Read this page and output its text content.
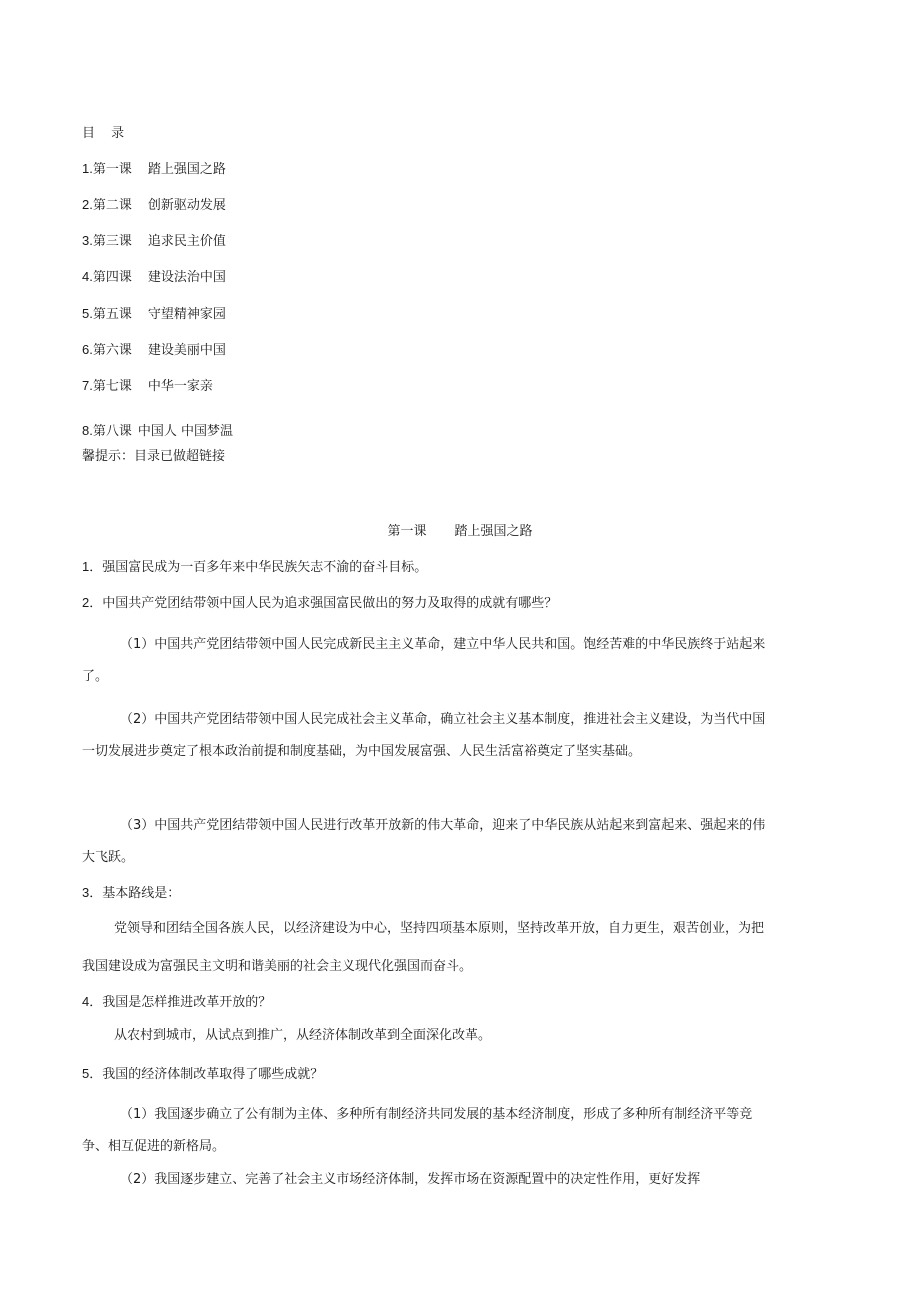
目 录
1.第一课 踏上强国之路
2.第二课 创新驱动发展
3.第三课 追求民主价值
4.第四课 建设法治中国
5.第五课 守望精神家园
6.第六课 建设美丽中国
7.第七课 中华一家亲
8.第八课 中国人 中国梦温
馨提示：目录已做超链接
第一课 踏上强国之路
1．强国富民成为一百多年来中华民族矢志不渝的奋斗目标。
2．中国共产党团结带领中国人民为追求强国富民做出的努力及取得的成就有哪些？
（1）中国共产党团结带领中国人民完成新民主主义革命，建立中华人民共和国。饱经苦难的中华民族终于站起来了。
（2）中国共产党团结带领中国人民完成社会主义革命，确立社会主义基本制度，推进社会主义建设，为当代中国一切发展进步奠定了根本政治前提和制度基础，为中国发展富强、人民生活富裕奠定了坚实基础。
（3）中国共产党团结带领中国人民进行改革开放新的伟大革命，迎来了中华民族从站起来到富起来、强起来的伟大飞跃。
3．基本路线是：
党领导和团结全国各族人民，以经济建设为中心，坚持四项基本原则，坚持改革开放，自力更生，艰苦创业，为把我国建设成为富强民主文明和谐美丽的社会主义现代化强国而奋斗。
4．我国是怎样推进改革开放的？
从农村到城市，从试点到推广，从经济体制改革到全面深化改革。
5．我国的经济体制改革取得了哪些成就？
（1）我国逐步确立了公有制为主体、多种所有制经济共同发展的基本经济制度，形成了多种所有制经济平等竞争、相互促进的新格局。
（2）我国逐步建立、完善了社会主义市场经济体制，发挥市场在资源配置中的决定性作用，更好发挥
